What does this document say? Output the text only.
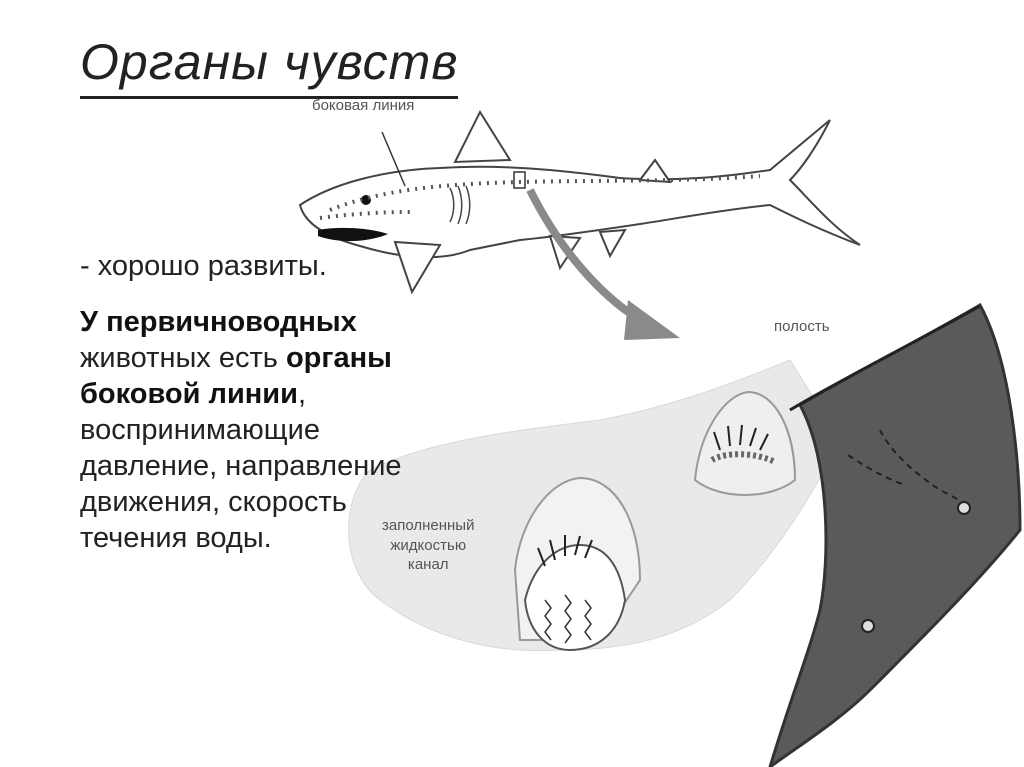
Органы чувств
боковая линия
полость
заполненный
жидкостью
канал
- хорошо развиты.
У первичноводных животных есть органы боковой линии, воспринимающие давление, направление движения, скорость течения воды.
